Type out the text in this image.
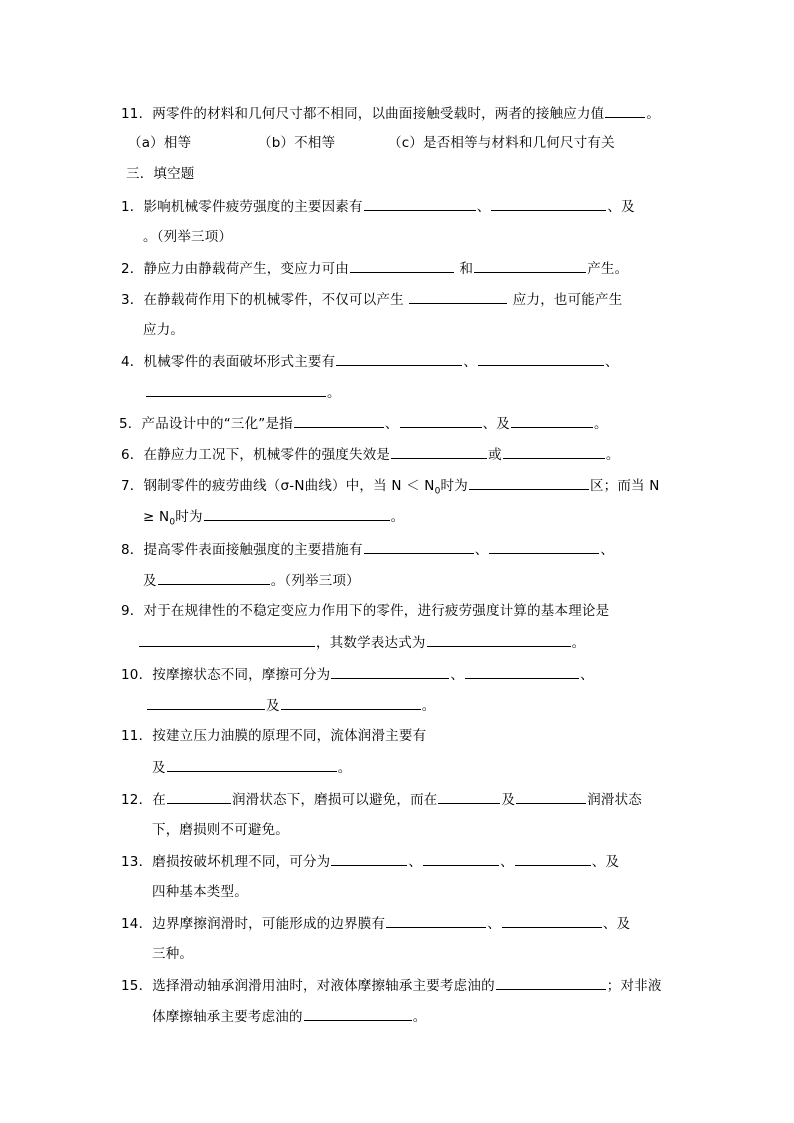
11．两零件的材料和几何尺寸都不相同，以曲面接触受载时，两者的接触应力值	。
（a）相等	（b）不相等	（c）是否相等与材料和几何尺寸有关
三．填空题
1．影响机械零件疲劳强度的主要因素有	、	、及
。（列举三项）
2．静应力由静载荷产生，变应力可由	和	产生。
3．在静载荷作用下的机械零件，不仅可以产生	应力，也可能产生
应力。
4．机械零件的表面破坏形式主要有	、	、
。
5．产品设计中的“三化”是指	、	、及	。
6．在静应力工况下，机械零件的强度失效是	或	。
7．钢制零件的疲劳曲线（σ-N曲线）中，当 $N < N_0$时为	区；而当 N
≥ $N_0$时为	。
8．提高零件表面接触强度的主要措施有	、	、
及	。（列举三项）
9．对于在规律性的不稳定变应力作用下的零件，进行疲劳强度计算的基本理论是
，其数学表达式为	。
10．按摩擦状态不同，摩擦可分为	、	、
及	。
11．按建立压力油膜的原理不同，流体润滑主要有
及	。
12．在	润滑状态下，磨损可以避免，而在	及	润滑状态
下，磨损则不可避免。
13．磨损按破坏机理不同，可分为	、	、	、及
四种基本类型。
14．边界摩擦润滑时，可能形成的边界膜有	、	、及
三种。
15．选择滑动轴承润滑用油时，对液体摩擦轴承主要考虑油的	；对非液
体摩擦轴承主要考虑油的	。
